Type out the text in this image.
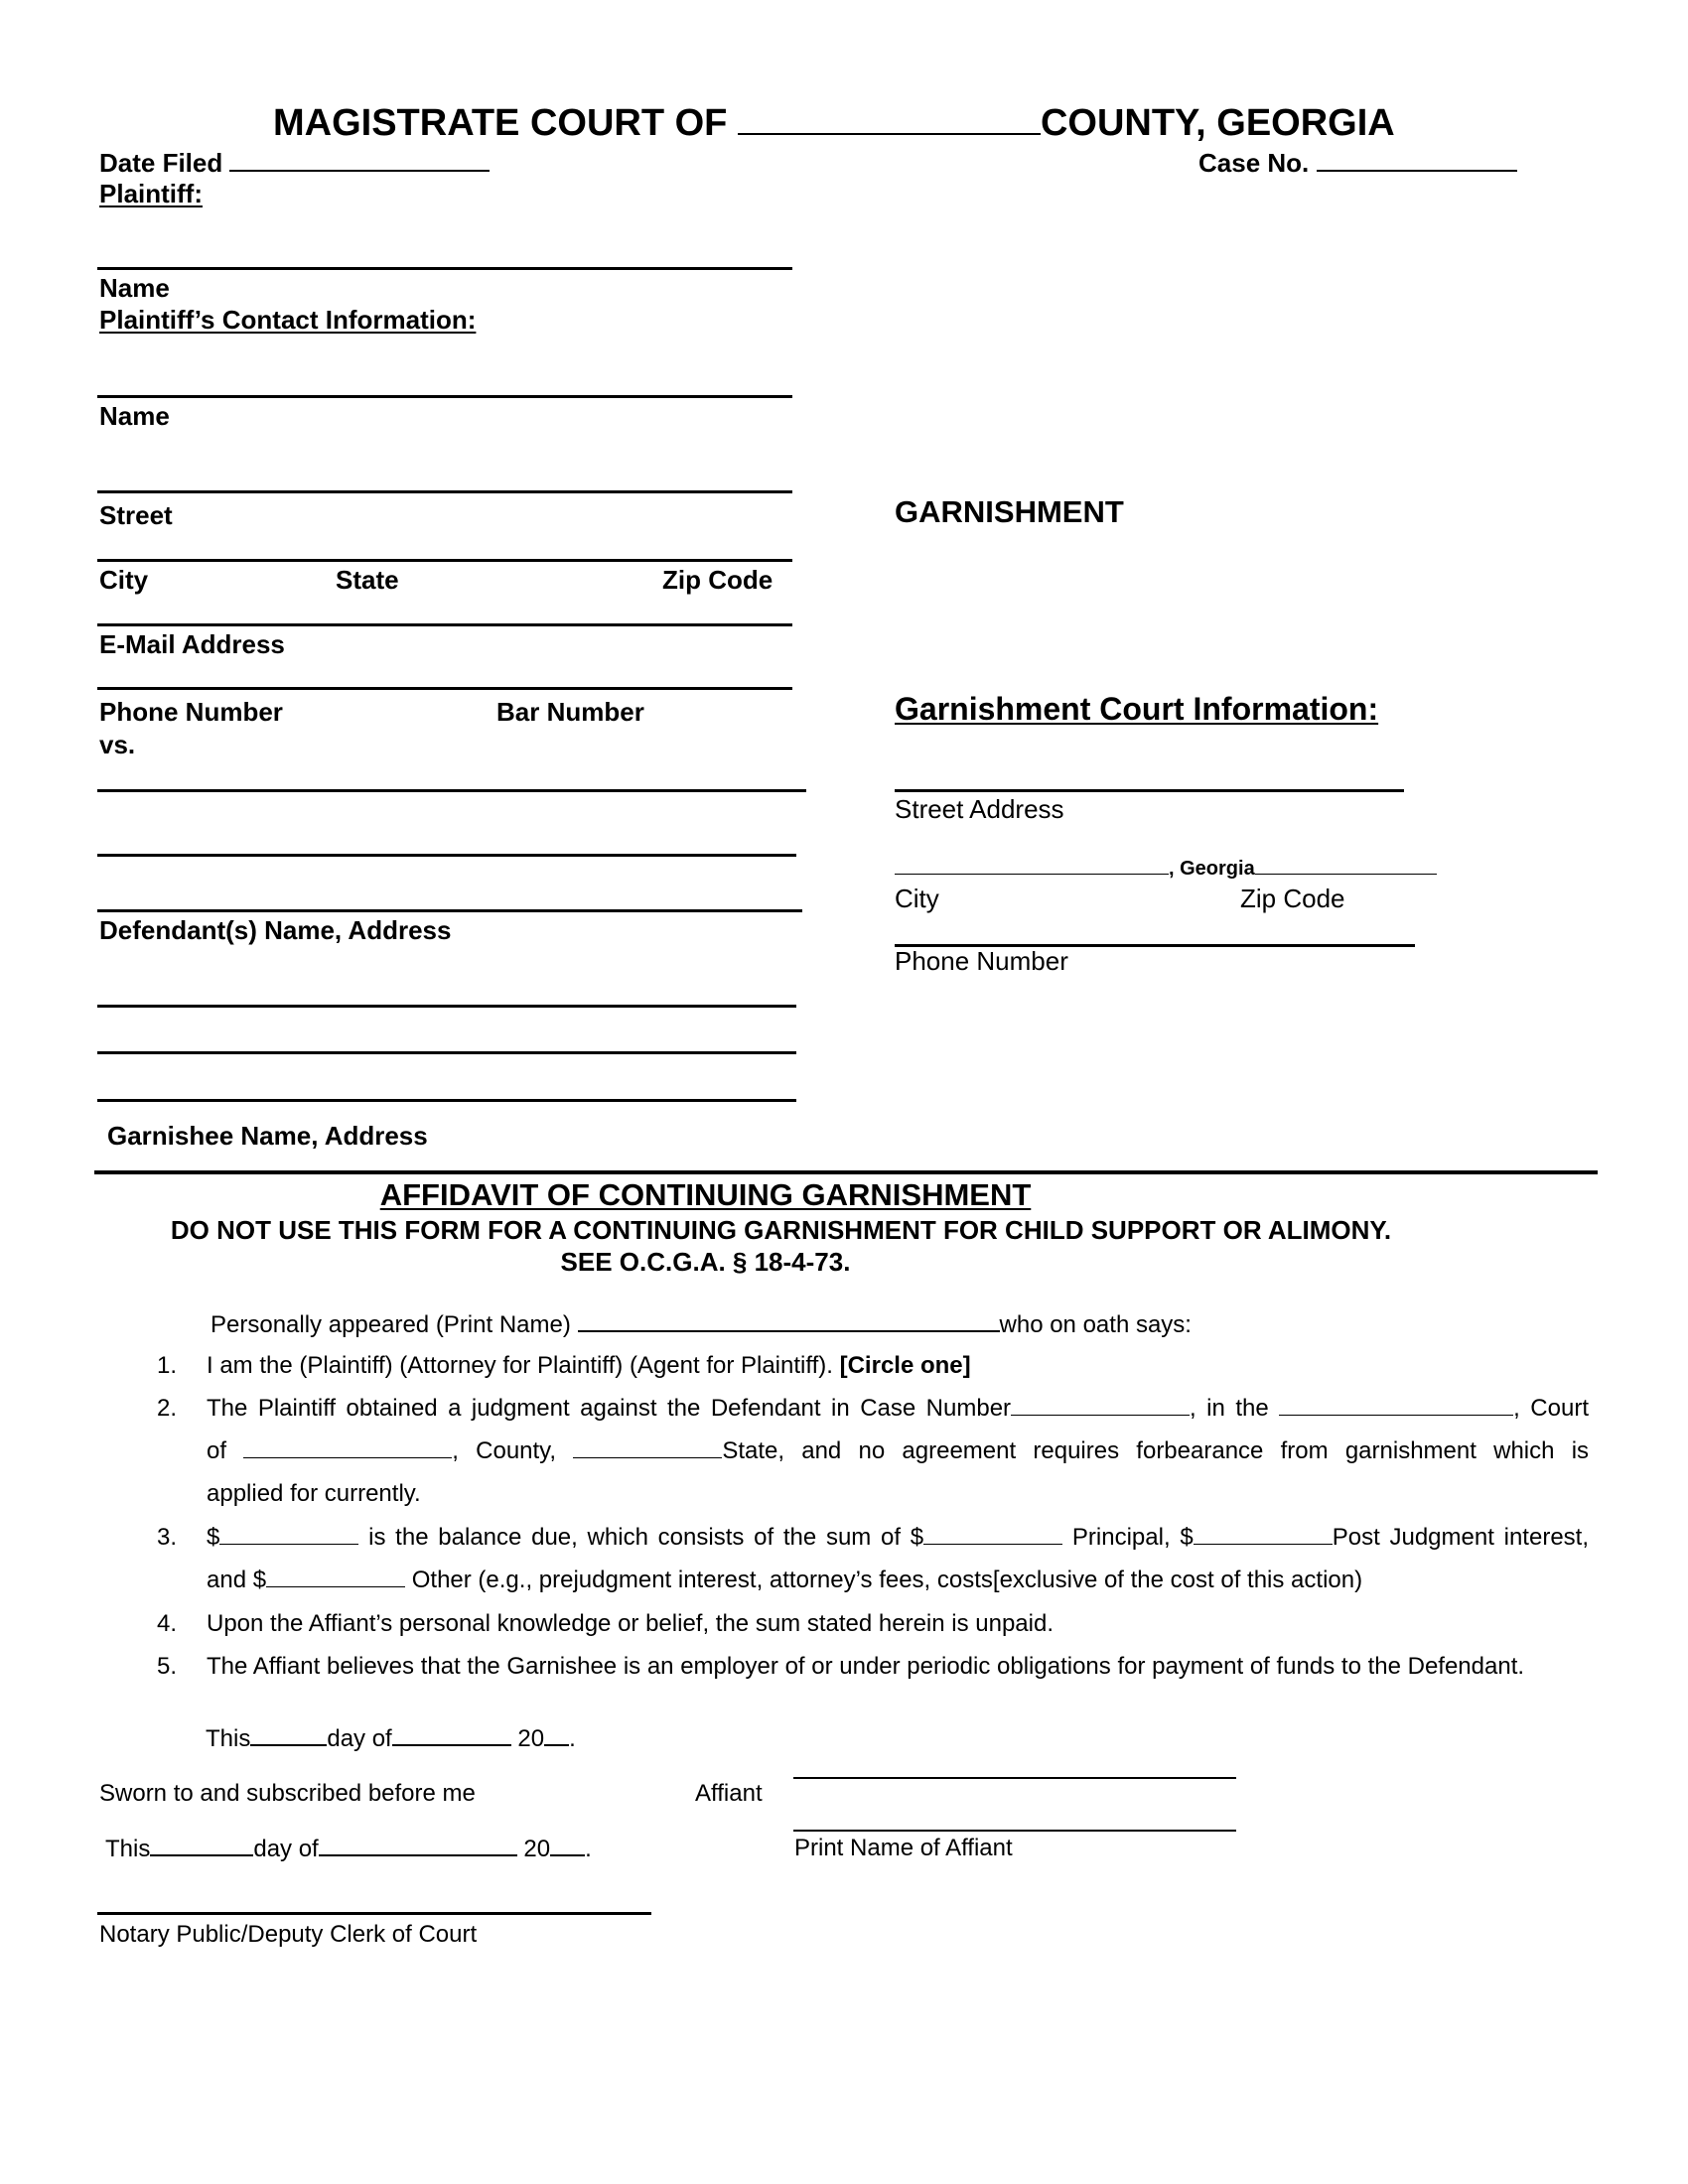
MAGISTRATE COURT OF	COUNTY, GEORGIA
Date Filed	Case No.
Plaintiff:
Name
Plaintiff’s Contact Information:
Name
Street
City	State	Zip Code
E-Mail Address
Phone Number	Bar Number
vs.
Defendant(s) Name, Address
Garnishee Name, Address
GARNISHMENT
Garnishment Court Information:
Street Address
, Georgia
City	Zip Code
Phone Number
AFFIDAVIT OF CONTINUING GARNISHMENT
DO NOT USE THIS FORM FOR A CONTINUING GARNISHMENT FOR CHILD SUPPORT OR ALIMONY.
SEE O.C.G.A. § 18-4-73.
Personally appeared (Print Name)	who on oath says:
1. I am the (Plaintiff) (Attorney for Plaintiff) (Agent for Plaintiff). [Circle one]
2. The Plaintiff obtained a judgment against the Defendant in Case Number	, in the	, Court
of	, County,	State, and no agreement requires forbearance from garnishment which is
applied for currently.
3. $	is the balance due, which consists of the sum of $	Principal, $	Post Judgment interest,
and $	Other (e.g., prejudgment interest, attorney’s fees, costs[exclusive of the cost of this action)
4. Upon the Affiant’s personal knowledge or belief, the sum stated herein is unpaid.
5. The Affiant believes that the Garnishee is an employer of or under periodic obligations for payment of funds to the Defendant.
This	day of	20 .
Sworn to and subscribed before me	Affiant
This	day of	20 .	Print Name of Affiant
Notary Public/Deputy Clerk of Court
